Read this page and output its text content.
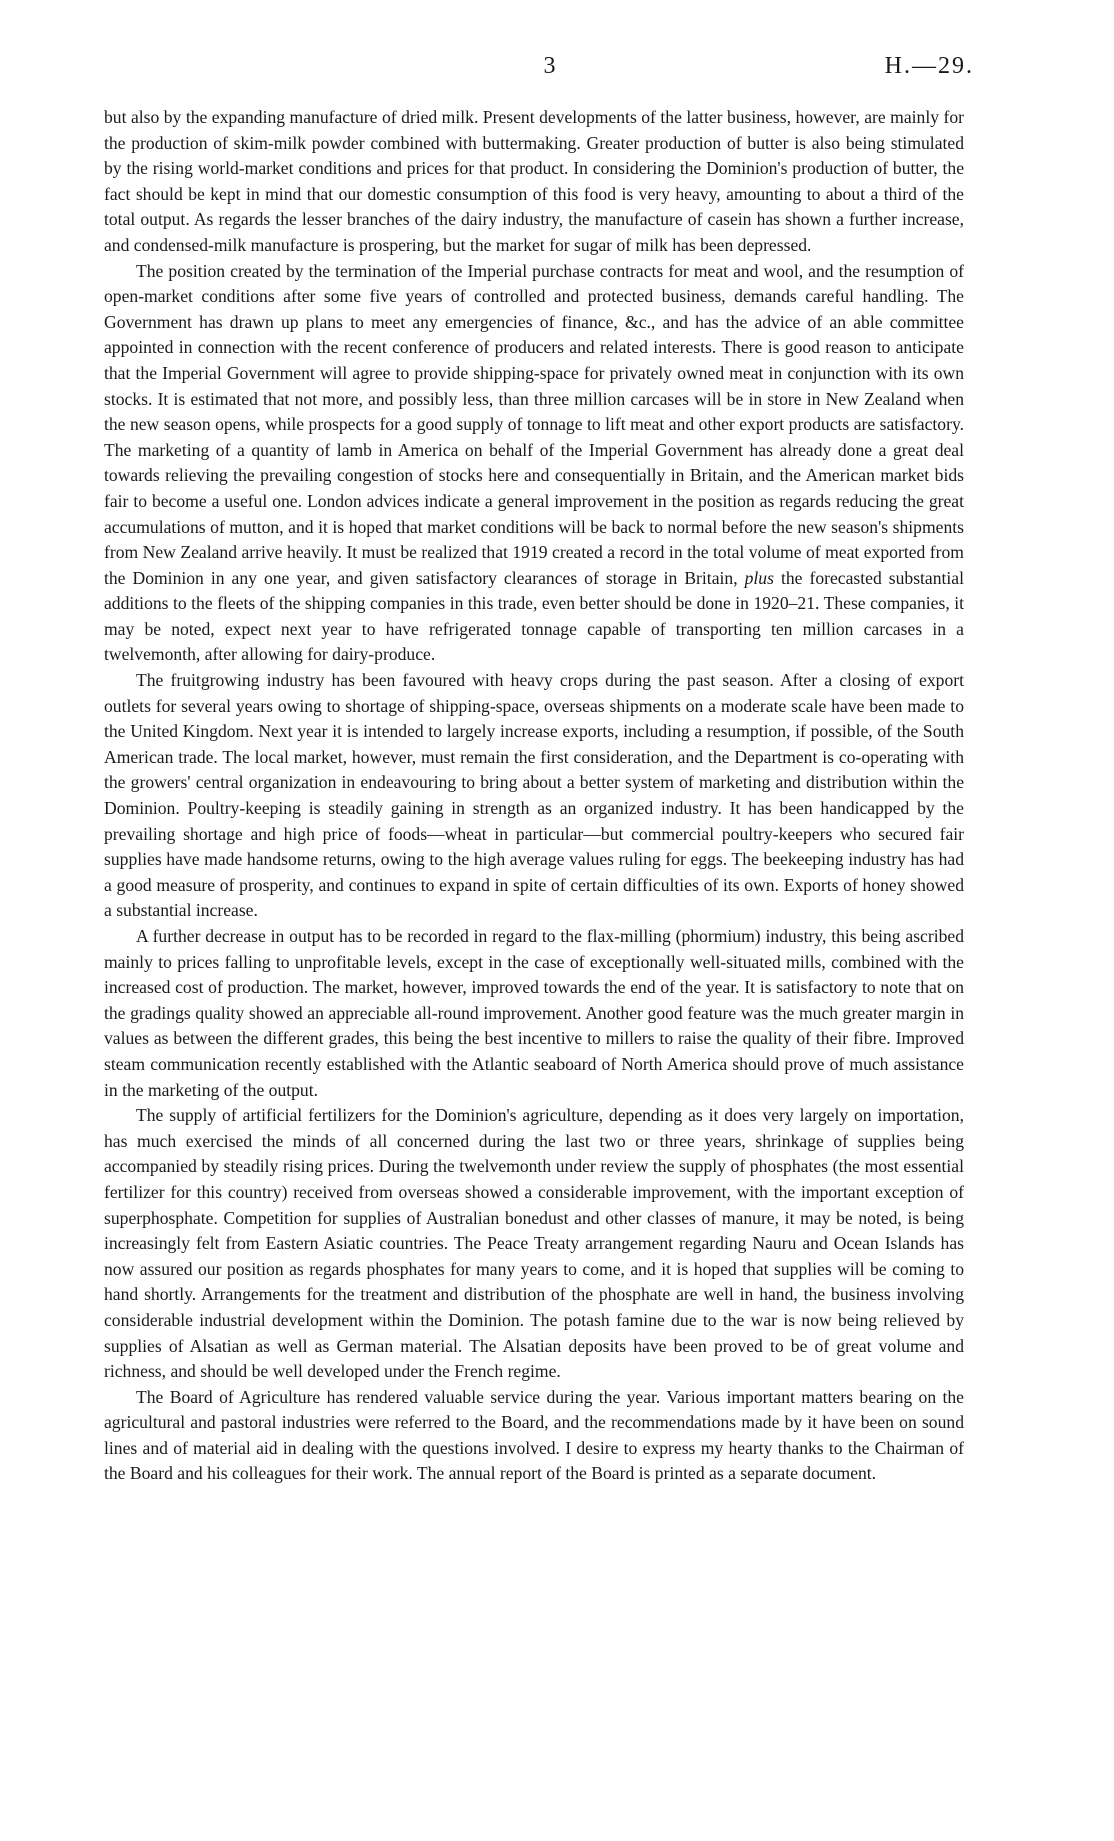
3	H.—29.

but also by the expanding manufacture of dried milk. Present developments of the latter business, however, are mainly for the production of skim-milk powder combined with buttermaking. Greater production of butter is also being stimulated by the rising world-market conditions and prices for that product. In considering the Dominion's production of butter, the fact should be kept in mind that our domestic consumption of this food is very heavy, amounting to about a third of the total output. As regards the lesser branches of the dairy industry, the manufacture of casein has shown a further increase, and condensed-milk manufacture is prospering, but the market for sugar of milk has been depressed.

The position created by the termination of the Imperial purchase contracts for meat and wool, and the resumption of open-market conditions after some five years of controlled and protected business, demands careful handling. The Government has drawn up plans to meet any emergencies of finance, &c., and has the advice of an able committee appointed in connection with the recent conference of producers and related interests. There is good reason to anticipate that the Imperial Government will agree to provide shipping-space for privately owned meat in conjunction with its own stocks. It is estimated that not more, and possibly less, than three million carcases will be in store in New Zealand when the new season opens, while prospects for a good supply of tonnage to lift meat and other export products are satisfactory. The marketing of a quantity of lamb in America on behalf of the Imperial Government has already done a great deal towards relieving the prevailing congestion of stocks here and consequentially in Britain, and the American market bids fair to become a useful one. London advices indicate a general improvement in the position as regards reducing the great accumulations of mutton, and it is hoped that market conditions will be back to normal before the new season's shipments from New Zealand arrive heavily. It must be realized that 1919 created a record in the total volume of meat exported from the Dominion in any one year, and given satisfactory clearances of storage in Britain, plus the forecasted substantial additions to the fleets of the shipping companies in this trade, even better should be done in 1920–21. These companies, it may be noted, expect next year to have refrigerated tonnage capable of transporting ten million carcases in a twelvemonth, after allowing for dairy-produce.

The fruitgrowing industry has been favoured with heavy crops during the past season. After a closing of export outlets for several years owing to shortage of shipping-space, overseas shipments on a moderate scale have been made to the United Kingdom. Next year it is intended to largely increase exports, including a resumption, if possible, of the South American trade. The local market, however, must remain the first consideration, and the Department is co-operating with the growers' central organization in endeavouring to bring about a better system of marketing and distribution within the Dominion. Poultry-keeping is steadily gaining in strength as an organized industry. It has been handicapped by the prevailing shortage and high price of foods—wheat in particular—but commercial poultry-keepers who secured fair supplies have made handsome returns, owing to the high average values ruling for eggs. The beekeeping industry has had a good measure of prosperity, and continues to expand in spite of certain difficulties of its own. Exports of honey showed a substantial increase.

A further decrease in output has to be recorded in regard to the flax-milling (phormium) industry, this being ascribed mainly to prices falling to unprofitable levels, except in the case of exceptionally well-situated mills, combined with the increased cost of production. The market, however, improved towards the end of the year. It is satisfactory to note that on the gradings quality showed an appreciable all-round improvement. Another good feature was the much greater margin in values as between the different grades, this being the best incentive to millers to raise the quality of their fibre. Improved steam communication recently established with the Atlantic seaboard of North America should prove of much assistance in the marketing of the output.

The supply of artificial fertilizers for the Dominion's agriculture, depending as it does very largely on importation, has much exercised the minds of all concerned during the last two or three years, shrinkage of supplies being accompanied by steadily rising prices. During the twelvemonth under review the supply of phosphates (the most essential fertilizer for this country) received from overseas showed a considerable improvement, with the important exception of superphosphate. Competition for supplies of Australian bonedust and other classes of manure, it may be noted, is being increasingly felt from Eastern Asiatic countries. The Peace Treaty arrangement regarding Nauru and Ocean Islands has now assured our position as regards phosphates for many years to come, and it is hoped that supplies will be coming to hand shortly. Arrangements for the treatment and distribution of the phosphate are well in hand, the business involving considerable industrial development within the Dominion. The potash famine due to the war is now being relieved by supplies of Alsatian as well as German material. The Alsatian deposits have been proved to be of great volume and richness, and should be well developed under the French regime.

The Board of Agriculture has rendered valuable service during the year. Various important matters bearing on the agricultural and pastoral industries were referred to the Board, and the recommendations made by it have been on sound lines and of material aid in dealing with the questions involved. I desire to express my hearty thanks to the Chairman of the Board and his colleagues for their work. The annual report of the Board is printed as a separate document.
